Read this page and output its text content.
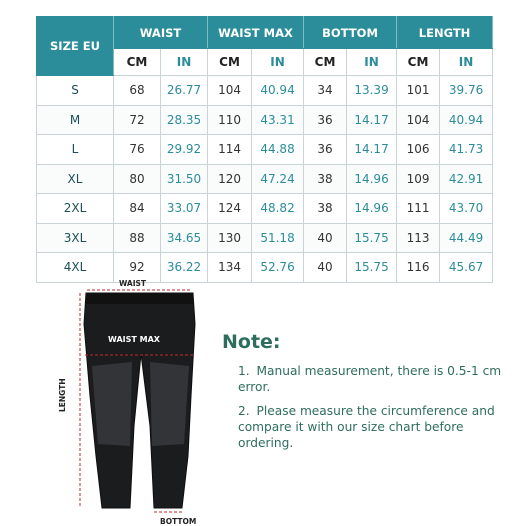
SIZE EU	WAIST		WAIST MAX		BOTTOM		LENGTH	
	CM	IN	CM	IN	CM	IN	CM	IN
S	68	26.77	104	40.94	34	13.39	101	39.76
M	72	28.35	110	43.31	36	14.17	104	40.94
L	76	29.92	114	44.88	36	14.17	106	41.73
XL	80	31.50	120	47.24	38	14.96	109	42.91
2XL	84	33.07	124	48.82	38	14.96	111	43.70
3XL	88	34.65	130	51.18	40	15.75	113	44.49
4XL	92	36.22	134	52.76	40	15.75	116	45.67
WAIST
LENGTH
BOTTOM
WAIST MAX	Note:
1. Manual measurement, there is 0.5-1 cm error.
2. Please measure the circumference and compare it with our size chart before ordering.
